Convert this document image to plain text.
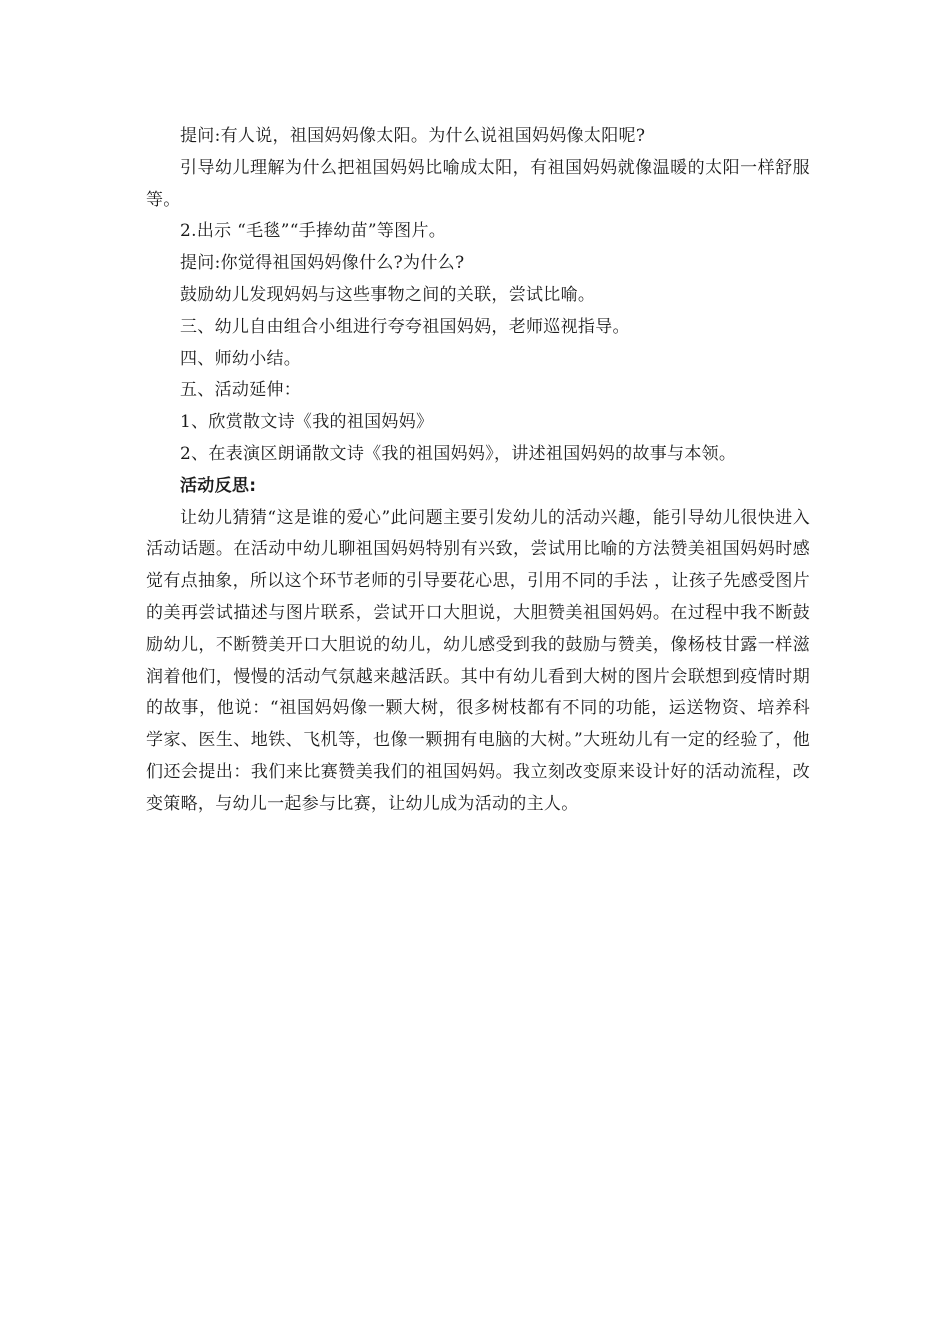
提问:有人说，祖国妈妈像太阳。为什么说祖国妈妈像太阳呢?

引导幼儿理解为什么把祖国妈妈比喻成太阳，有祖国妈妈就像温暖的太阳一样舒服等。

2.出示 “毛毯”“手捧幼苗”等图片。

提问:你觉得祖国妈妈像什么?为什么?

鼓励幼儿发现妈妈与这些事物之间的关联，尝试比喻。

三、幼儿自由组合小组进行夸夸祖国妈妈，老师巡视指导。

四、师幼小结。

五、活动延伸：

1、欣赏散文诗《我的祖国妈妈》

2、在表演区朗诵散文诗《我的祖国妈妈》，讲述祖国妈妈的故事与本领。

活动反思:

让幼儿猜猜“这是谁的爱心”此问题主要引发幼儿的活动兴趣，能引导幼儿很快进入活动话题。在活动中幼儿聊祖国妈妈特别有兴致，尝试用比喻的方法赞美祖国妈妈时感觉有点抽象，所以这个环节老师的引导要花心思，引用不同的手法 ，让孩子先感受图片的美再尝试描述与图片联系，尝试开口大胆说，大胆赞美祖国妈妈。在过程中我不断鼓励幼儿，不断赞美开口大胆说的幼儿，幼儿感受到我的鼓励与赞美，像杨枝甘露一样滋润着他们，慢慢的活动气氛越来越活跃。其中有幼儿看到大树的图片会联想到疫情时期的故事，他说：“祖国妈妈像一颗大树，很多树枝都有不同的功能，运送物资、培养科学家、医生、地铁、飞机等，也像一颗拥有电脑的大树。”大班幼儿有一定的经验了，他们还会提出：我们来比赛赞美我们的祖国妈妈。我立刻改变原来设计好的活动流程，改变策略，与幼儿一起参与比赛，让幼儿成为活动的主人。
